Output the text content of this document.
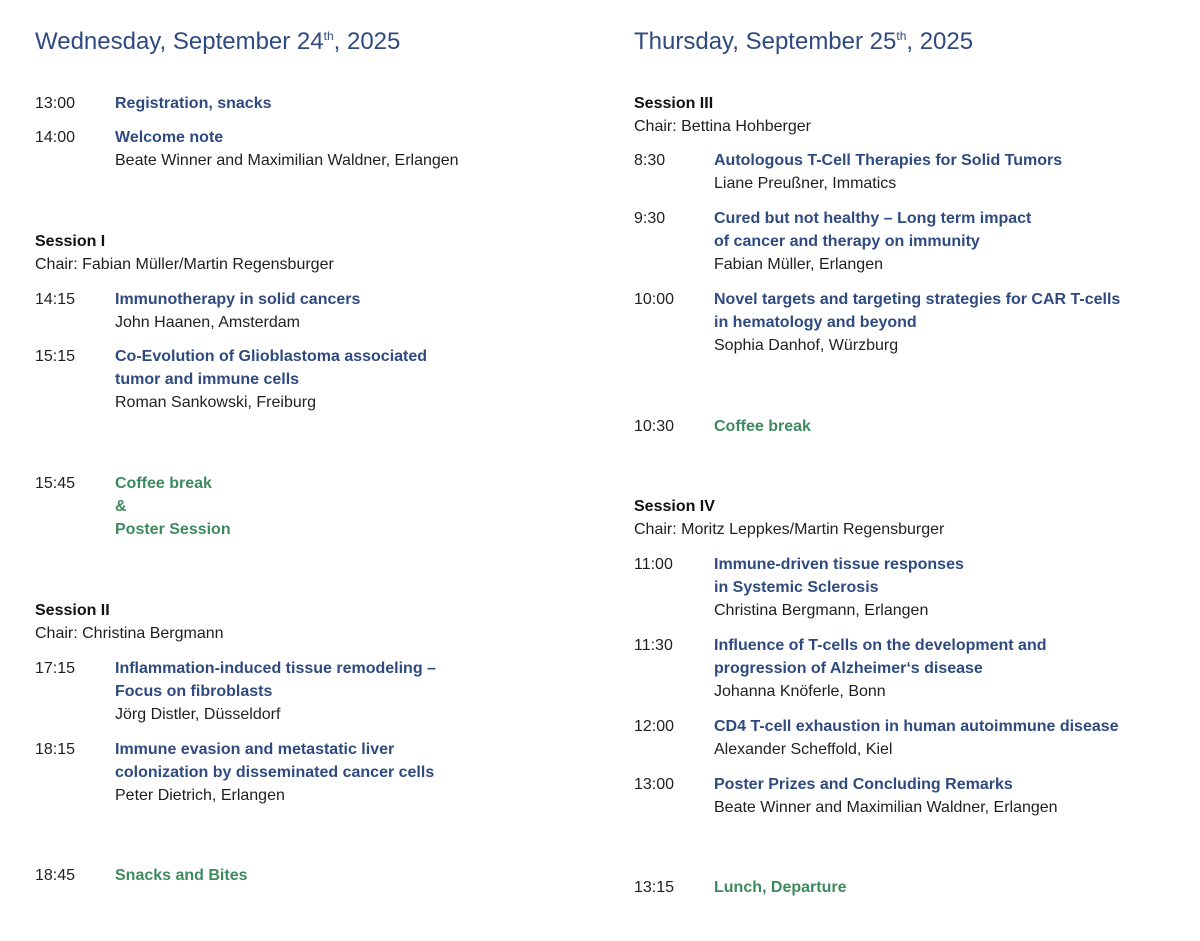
Wednesday, September 24th, 2025
13:00	Registration, snacks
14:00	Welcome note
Beate Winner and Maximilian Waldner, Erlangen
Session I
Chair: Fabian Müller/Martin Regensburger
14:15	Immunotherapy in solid cancers
John Haanen, Amsterdam
15:15	Co-Evolution of Glioblastoma associated
tumor and immune cells
Roman Sankowski, Freiburg
15:45	Coffee break
&
Poster Session
Session II
Chair: Christina Bergmann
17:15	Inflammation-induced tissue remodeling –
Focus on fibroblasts
Jörg Distler, Düsseldorf
18:15	Immune evasion and metastatic liver
colonization by disseminated cancer cells
Peter Dietrich, Erlangen
18:45	Snacks and Bites
Thursday, September 25th, 2025
Session III
Chair: Bettina Hohberger
8:30	Autologous T-Cell Therapies for Solid Tumors
Liane Preußner, Immatics
9:30	Cured but not healthy – Long term impact
of cancer and therapy on immunity
Fabian Müller, Erlangen
10:00	Novel targets and targeting strategies for CAR T-cells
in hematology and beyond
Sophia Danhof, Würzburg
10:30	Coffee break
Session IV
Chair: Moritz Leppkes/Martin Regensburger
11:00	Immune-driven tissue responses
in Systemic Sclerosis
Christina Bergmann, Erlangen
11:30	Influence of T-cells on the development and
progression of Alzheimer‘s disease
Johanna Knöferle, Bonn
12:00	CD4 T-cell exhaustion in human autoimmune disease
Alexander Scheffold, Kiel
13:00	Poster Prizes and Concluding Remarks
Beate Winner and Maximilian Waldner, Erlangen
13:15	Lunch, Departure
